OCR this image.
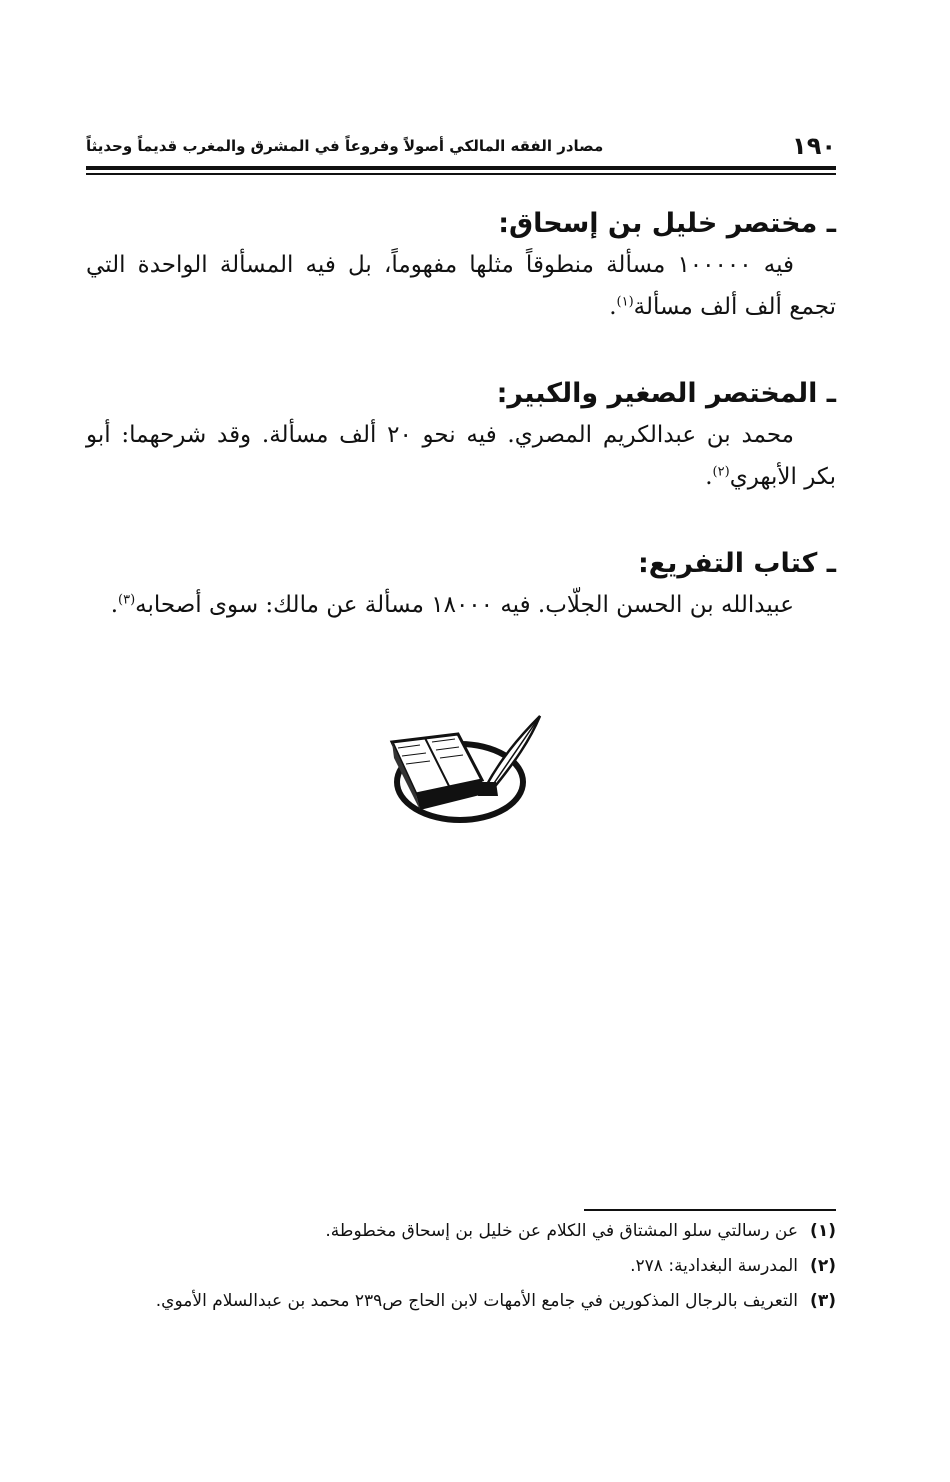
١٩٠
مصادر الفقه المالكي أصولاً وفروعاً في المشرق والمغرب قديماً وحديثاً
ـ مختصر خليل بن إسحاق:
فيه ١٠٠٠٠٠ مسألة منطوقاً مثلها مفهوماً، بل فيه المسألة الواحدة التي تجمع ألف ألف مسألة$^{(١)}$.
ـ المختصر الصغير والكبير:
محمد بن عبدالكريم المصري. فيه نحو ٢٠ ألف مسألة. وقد شرحهما: أبو بكر الأبهري$^{(٢)}$.
ـ كتاب التفريع:
عبيدالله بن الحسن الجلّاب. فيه ١٨٠٠٠ مسألة عن مالك: سوى أصحابه$^{(٣)}$.
(١)
عن رسالتي سلو المشتاق في الكلام عن خليل بن إسحاق مخطوطة.
(٢)
المدرسة البغدادية: ٢٧٨.
(٣)
التعريف بالرجال المذكورين في جامع الأمهات لابن الحاج ص٢٣٩ محمد بن عبدالسلام الأموي.
